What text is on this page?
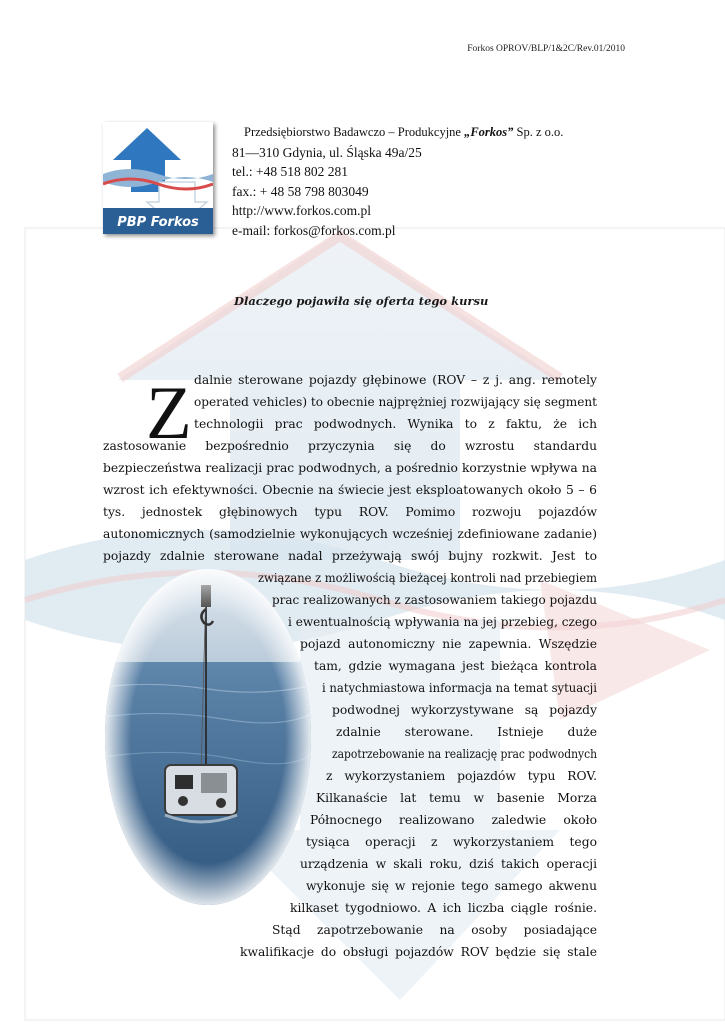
Forkos OPROV/BLP/1&2C/Rev.01/2010
PBP Forkos
Przedsiębiorstwo Badawczo – Produkcyjne „Forkos” Sp. z o.o.
81—310 Gdynia, ul. Śląska 49a/25
tel.: +48 518 802 281
fax.: + 48 58 798 803049
http://www.forkos.com.pl
e-mail: forkos@forkos.com.pl
Dlaczego pojawiła się oferta tego kursu
Z dalnie sterowane pojazdy głębinowe (ROV – z j. ang. remotely
operated vehicles) to obecnie najprężniej rozwijający się segment
technologii prac podwodnych. Wynika to z faktu, że ich
zastosowanie bezpośrednio przyczynia się do wzrostu standardu
bezpieczeństwa realizacji prac podwodnych, a pośrednio korzystnie wpływa na
wzrost ich efektywności. Obecnie na świecie jest eksploatowanych około 5 – 6
tys. jednostek głębinowych typu ROV. Pomimo rozwoju pojazdów
autonomicznych (samodzielnie wykonujących wcześniej zdefiniowane zadanie)
pojazdy zdalnie sterowane nadal przeżywają swój bujny rozkwit. Jest to
związane z możliwością bieżącej kontroli nad przebiegiem
prac realizowanych z zastosowaniem takiego pojazdu
i ewentualnością wpływania na jej przebieg, czego
pojazd autonomiczny nie zapewnia. Wszędzie
tam, gdzie wymagana jest bieżąca kontrola
i natychmiastowa informacja na temat sytuacji
podwodnej wykorzystywane są pojazdy
zdalnie sterowane. Istnieje duże
zapotrzebowanie na realizację prac podwodnych
z wykorzystaniem pojazdów typu ROV.
Kilkanaście lat temu w basenie Morza
Północnego realizowano zaledwie około
tysiąca operacji z wykorzystaniem tego
urządzenia w skali roku, dziś takich operacji
wykonuje się w rejonie tego samego akwenu
kilkaset tygodniowo. A ich liczba ciągle rośnie.
Stąd zapotrzebowanie na osoby posiadające
kwalifikacje do obsługi pojazdów ROV będzie się stale
